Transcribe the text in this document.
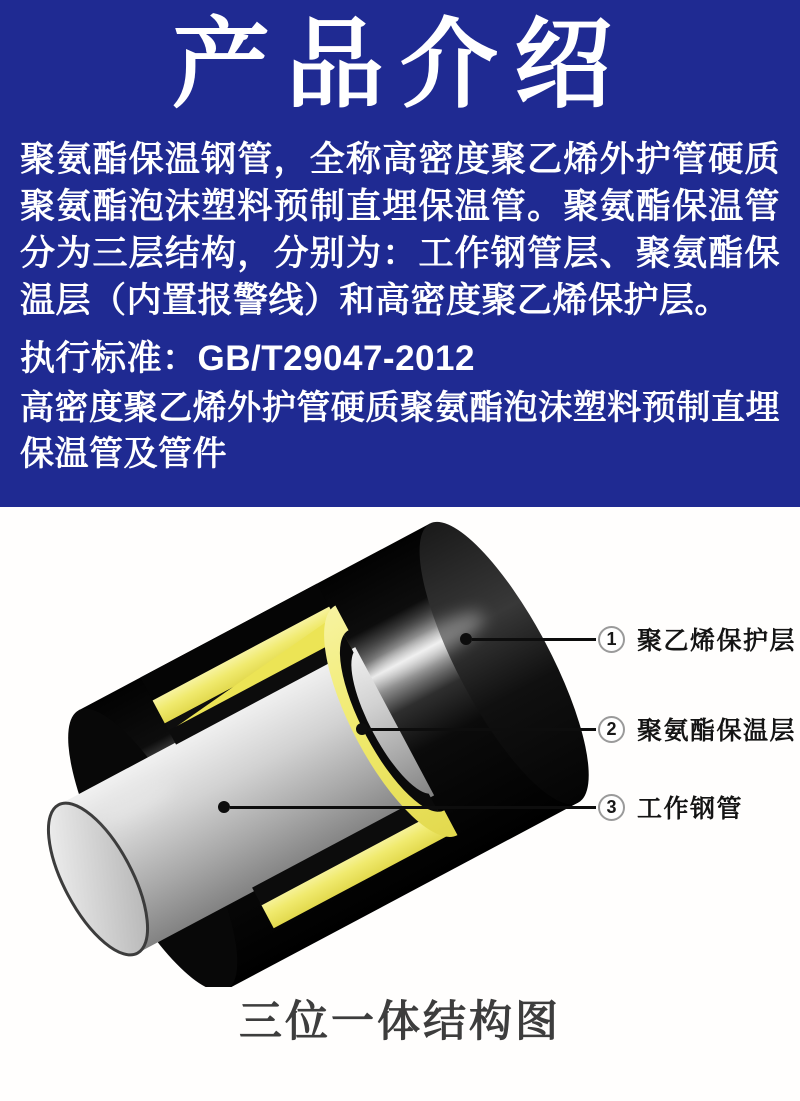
产品介绍

聚氨酯保温钢管，全称高密度聚乙烯外护管硬质聚氨酯泡沫塑料预制直埋保温管。聚氨酯保温管分为三层结构，分别为：工作钢管层、聚氨酯保温层（内置报警线）和高密度聚乙烯保护层。

执行标准：GB/T29047-2012

高密度聚乙烯外护管硬质聚氨酯泡沫塑料预制直埋保温管及管件

1 聚乙烯保护层
2 聚氨酯保温层
3 工作钢管
三位一体结构图
